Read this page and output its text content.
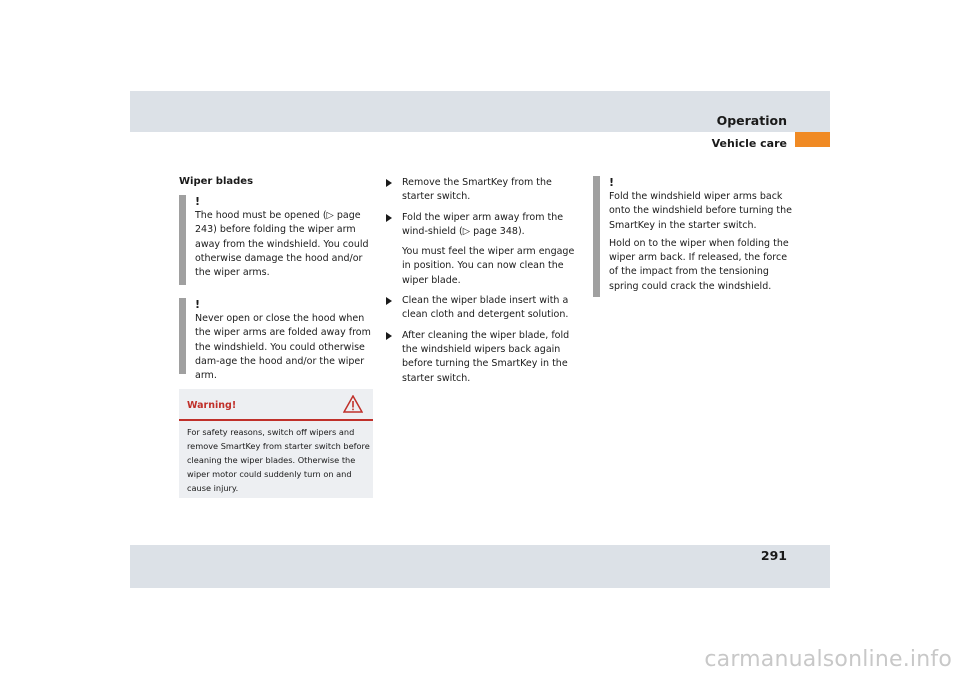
Operation
Vehicle care
Wiper blades
!

The hood must be opened (▷ page 243) before folding the wiper arm away from the windshield. You could otherwise damage the hood and/or the wiper arms.

!

Never open or close the hood when the wiper arms are folded away from the windshield. You could otherwise dam-age the hood and/or the wiper arm.

Warning!
For safety reasons, switch off wipers and remove SmartKey from starter switch before cleaning the wiper blades. Otherwise the wiper motor could suddenly turn on and cause injury.

Remove the SmartKey from the starter switch.

Fold the wiper arm away from the wind-shield (▷ page 348).

You must feel the wiper arm engage in position. You can now clean the wiper blade.

Clean the wiper blade insert with a clean cloth and detergent solution.

After cleaning the wiper blade, fold the windshield wipers back again before turning the SmartKey in the starter switch.

!

Fold the windshield wiper arms back onto the windshield before turning the SmartKey in the starter switch.

Hold on to the wiper when folding the wiper arm back. If released, the force of the impact from the tensioning spring could crack the windshield.

291
carmanualsonline.info
